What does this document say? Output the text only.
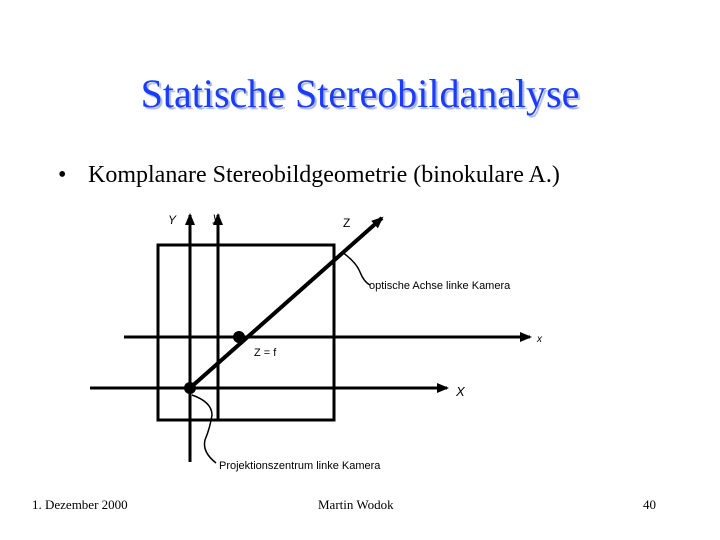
Statische Stereobildanalyse
• Komplanare Stereobildgeometrie (binokulare A.)
Y	y	Z
x
X
Z = f
optische Achse linke Kamera
Projektionszentrum linke Kamera
1. Dezember 2000	Martin Wodok	40
